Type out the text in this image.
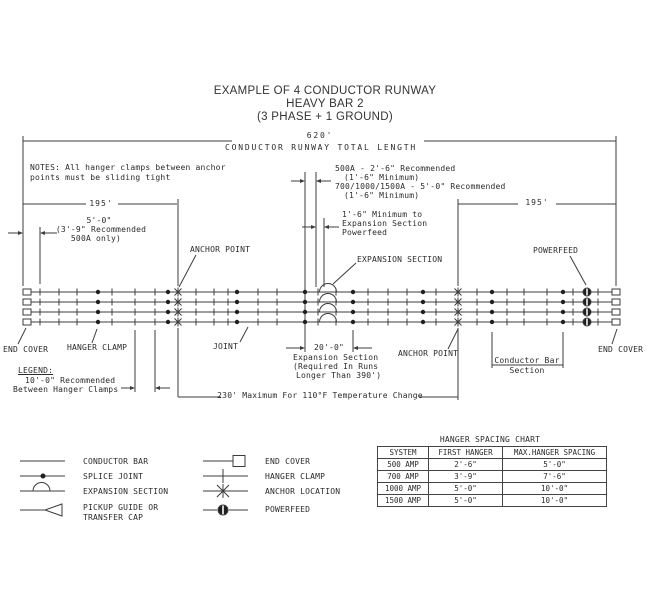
EXAMPLE OF 4 CONDUCTOR RUNWAY
HEAVY BAR 2
(3 PHASE + 1 GROUND)
620'
CONDUCTOR RUNWAY TOTAL LENGTH
NOTES: All hanger clamps between anchor
points must be sliding tight
195'	195'
5'-0"
(3'-9" Recommended
500A only)
500A - 2'-6" Recommended
(1'-6" Minimum)
700/1000/1500A - 5'-0" Recommended
(1'-6" Minimum)
1'-6" Minimum to
Expansion Section
Powerfeed
EXPANSION SECTION
POWERFEED
ANCHOR POINT
ANCHOR POINT
END COVER HANGER CLAMP	JOINT	END COVER
20'-0"
Expansion Section
(Required In Runs
Longer Than 390')
230' Maximum For 110°F Temperature Change
LEGEND:
10'-0" Recommended
Between Hanger Clamps
Conductor Bar
Section
CONDUCTOR BAR
SPLICE JOINT
EXPANSION SECTION
PICKUP GUIDE OR
TRANSFER CAP
END COVER
HANGER CLAMP
ANCHOR LOCATION
POWERFEED
HANGER SPACING CHART
SYSTEM	FIRST HANGER	MAX.HANGER SPACING
500 AMP	2'-6"	5'-0"
700 AMP	3'-9"	7'-6"
1000 AMP	5'-0"	10'-0"
1500 AMP	5'-0"	10'-0"
